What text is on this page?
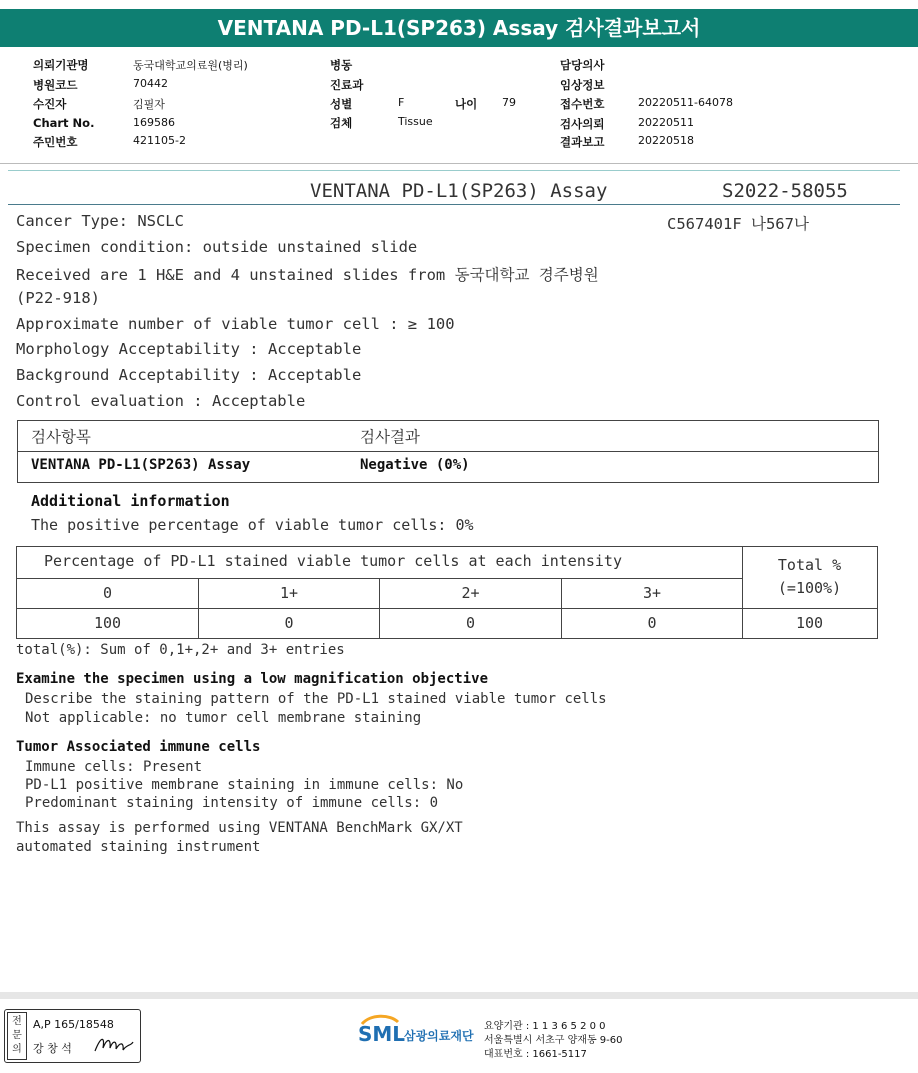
VENTANA PD-L1(SP263) Assay 검사결과보고서
의뢰기관명	동국대학교의료원(병리)
병원코드	70442
수진자	김필자
Chart No.	169586
주민번호	421105-2
병동
진료과
성별	F	나이 79
검체	Tissue
담당의사
임상정보
접수번호	20220511-64078
검사의뢰	20220511
결과보고	20220518
VENTANA PD-L1(SP263) Assay	S2022-58055
C567401F 나567나
Cancer Type: NSCLC
Specimen condition: outside unstained slide
Received are 1 H&E and 4 unstained slides from 동국대학교 경주병원
(P22-918)
Approximate number of viable tumor cell : ≥ 100
Morphology Acceptability : Acceptable
Background Acceptability : Acceptable
Control evaluation : Acceptable
검사항목	검사결과
VENTANA PD-L1(SP263) Assay	Negative (0%)
Additional information
The positive percentage of viable tumor cells: 0%
Percentage of PD-L1 stained viable tumor cells at each intensity	Total %
(=100%)
0	1+	2+	3+
100	0	0	0	100
total(%): Sum of 0,1+,2+ and 3+ entries
Examine the specimen using a low magnification objective
Describe the staining pattern of the PD-L1 stained viable tumor cells
Not applicable: no tumor cell membrane staining
Tumor Associated immune cells
Immune cells: Present
PD-L1 positive membrane staining in immune cells: No
Predominant staining intensity of immune cells: 0
This assay is performed using VENTANA BenchMark GX/XT
automated staining instrument
전문의
A,P 165/18548
강 창 석
SML
삼광의료재단
요양기관 : 1 1 3 6 5 2 0 0
서울특별시 서초구 양재동 9-60
대표번호 : 1661-5117
